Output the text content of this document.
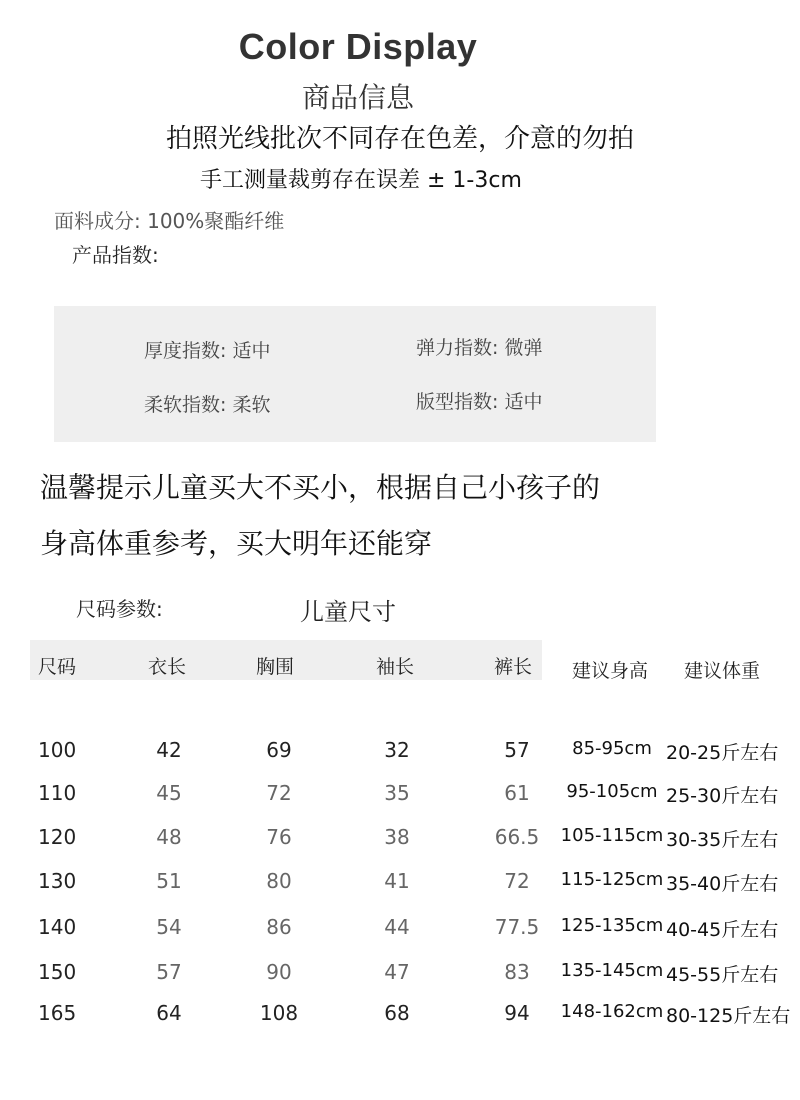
Color Display
商品信息
拍照光线批次不同存在色差，介意的勿拍
手工测量裁剪存在误差 ± 1-3cm
面料成分: 100%聚酯纤维
产品指数:
厚度指数: 适中	弹力指数: 微弹
柔软指数: 柔软	版型指数: 适中
温馨提示儿童买大不买小，根据自己小孩子的
身高体重参考，买大明年还能穿
尺码参数:	儿童尺寸
尺码	衣长	胸围	袖长	裤长 建议身高 建议体重
100	42	69	32	57 85-95cm 20-25斤左右
110	45	72	35	61 95-105cm 25-30斤左右
120	48	76	38	66.5 105-115cm 30-35斤左右
130	51	80	41	72 115-125cm 35-40斤左右
140	54	86	44	77.5 125-135cm 40-45斤左右
150	57	90	47	83 135-145cm 45-55斤左右
165	64	108	68	94 148-162cm 80-125斤左右
